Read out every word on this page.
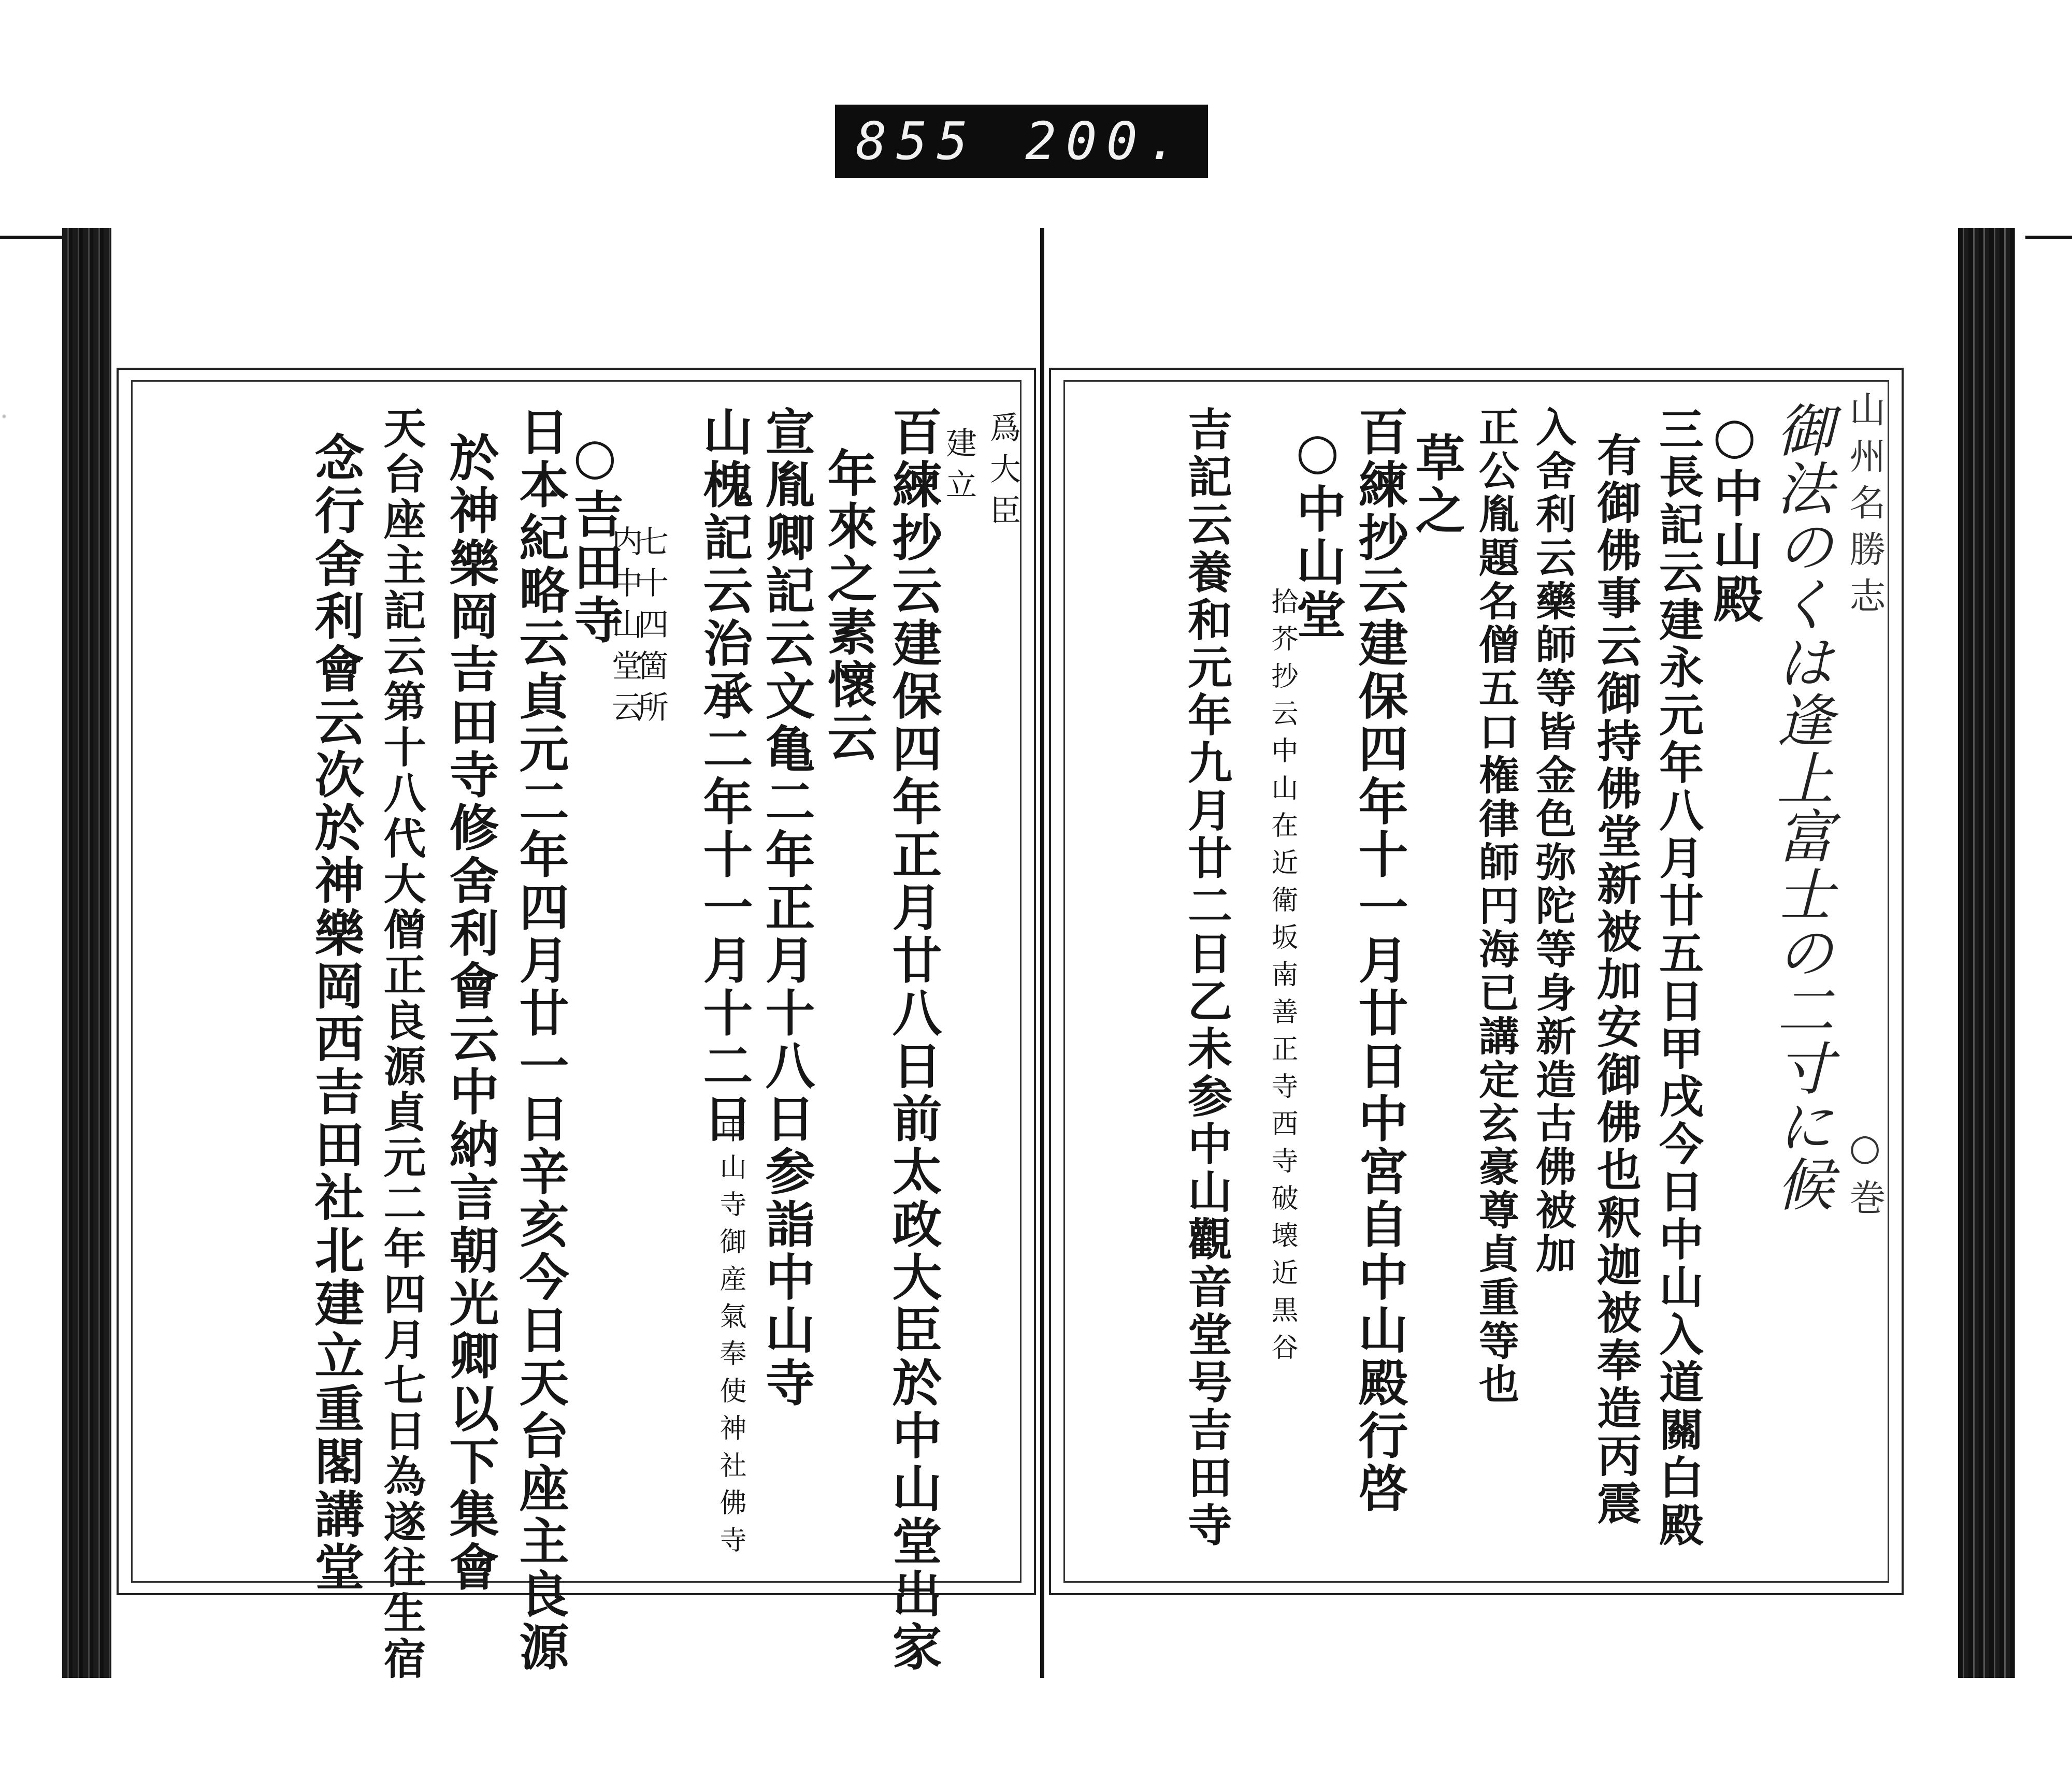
855 200.
爲大臣
建立
百練抄云建保四年正月廿八日前太政大臣於中山堂出家
年來之素懷云
宣胤卿記云文亀二年正月十八日参詣中山寺
山槐記云治承二年十一月十二日
中山寺御産氣奉使神社佛寺
○吉田寺 七十四箇所
内中山堂云
日本紀略云貞元二年四月廿一日辛亥今日天台座主良源
於神樂岡吉田寺修舍利會云中納言朝光卿以下集會
天台座主記云第十八代大僧正良源貞元二年四月七日為遂往生宿
念行舍利會云次於神樂岡西吉田社北建立重閣講堂	山州名勝志
○巻
御法のくは逢上富士の二寸に候
○中山殿
三長記云建永元年八月廿五日甲戌今日中山入道關白殿
有御佛事云御持佛堂新被加安御佛也釈迦被奉造丙震
入舍利云藥師等皆金色弥陀等身新造古佛被加
正公胤題名僧五口権律師円海已講定玄豪尊貞重等也
草之
百練抄云建保四年十一月廿日中宮自中山殿行啓
○中山堂
拾芥抄云中山在近衛坂南善正寺西寺破壊近黒谷
吉記云養和元年九月廿二日乙未参中山觀音堂号吉田寺
